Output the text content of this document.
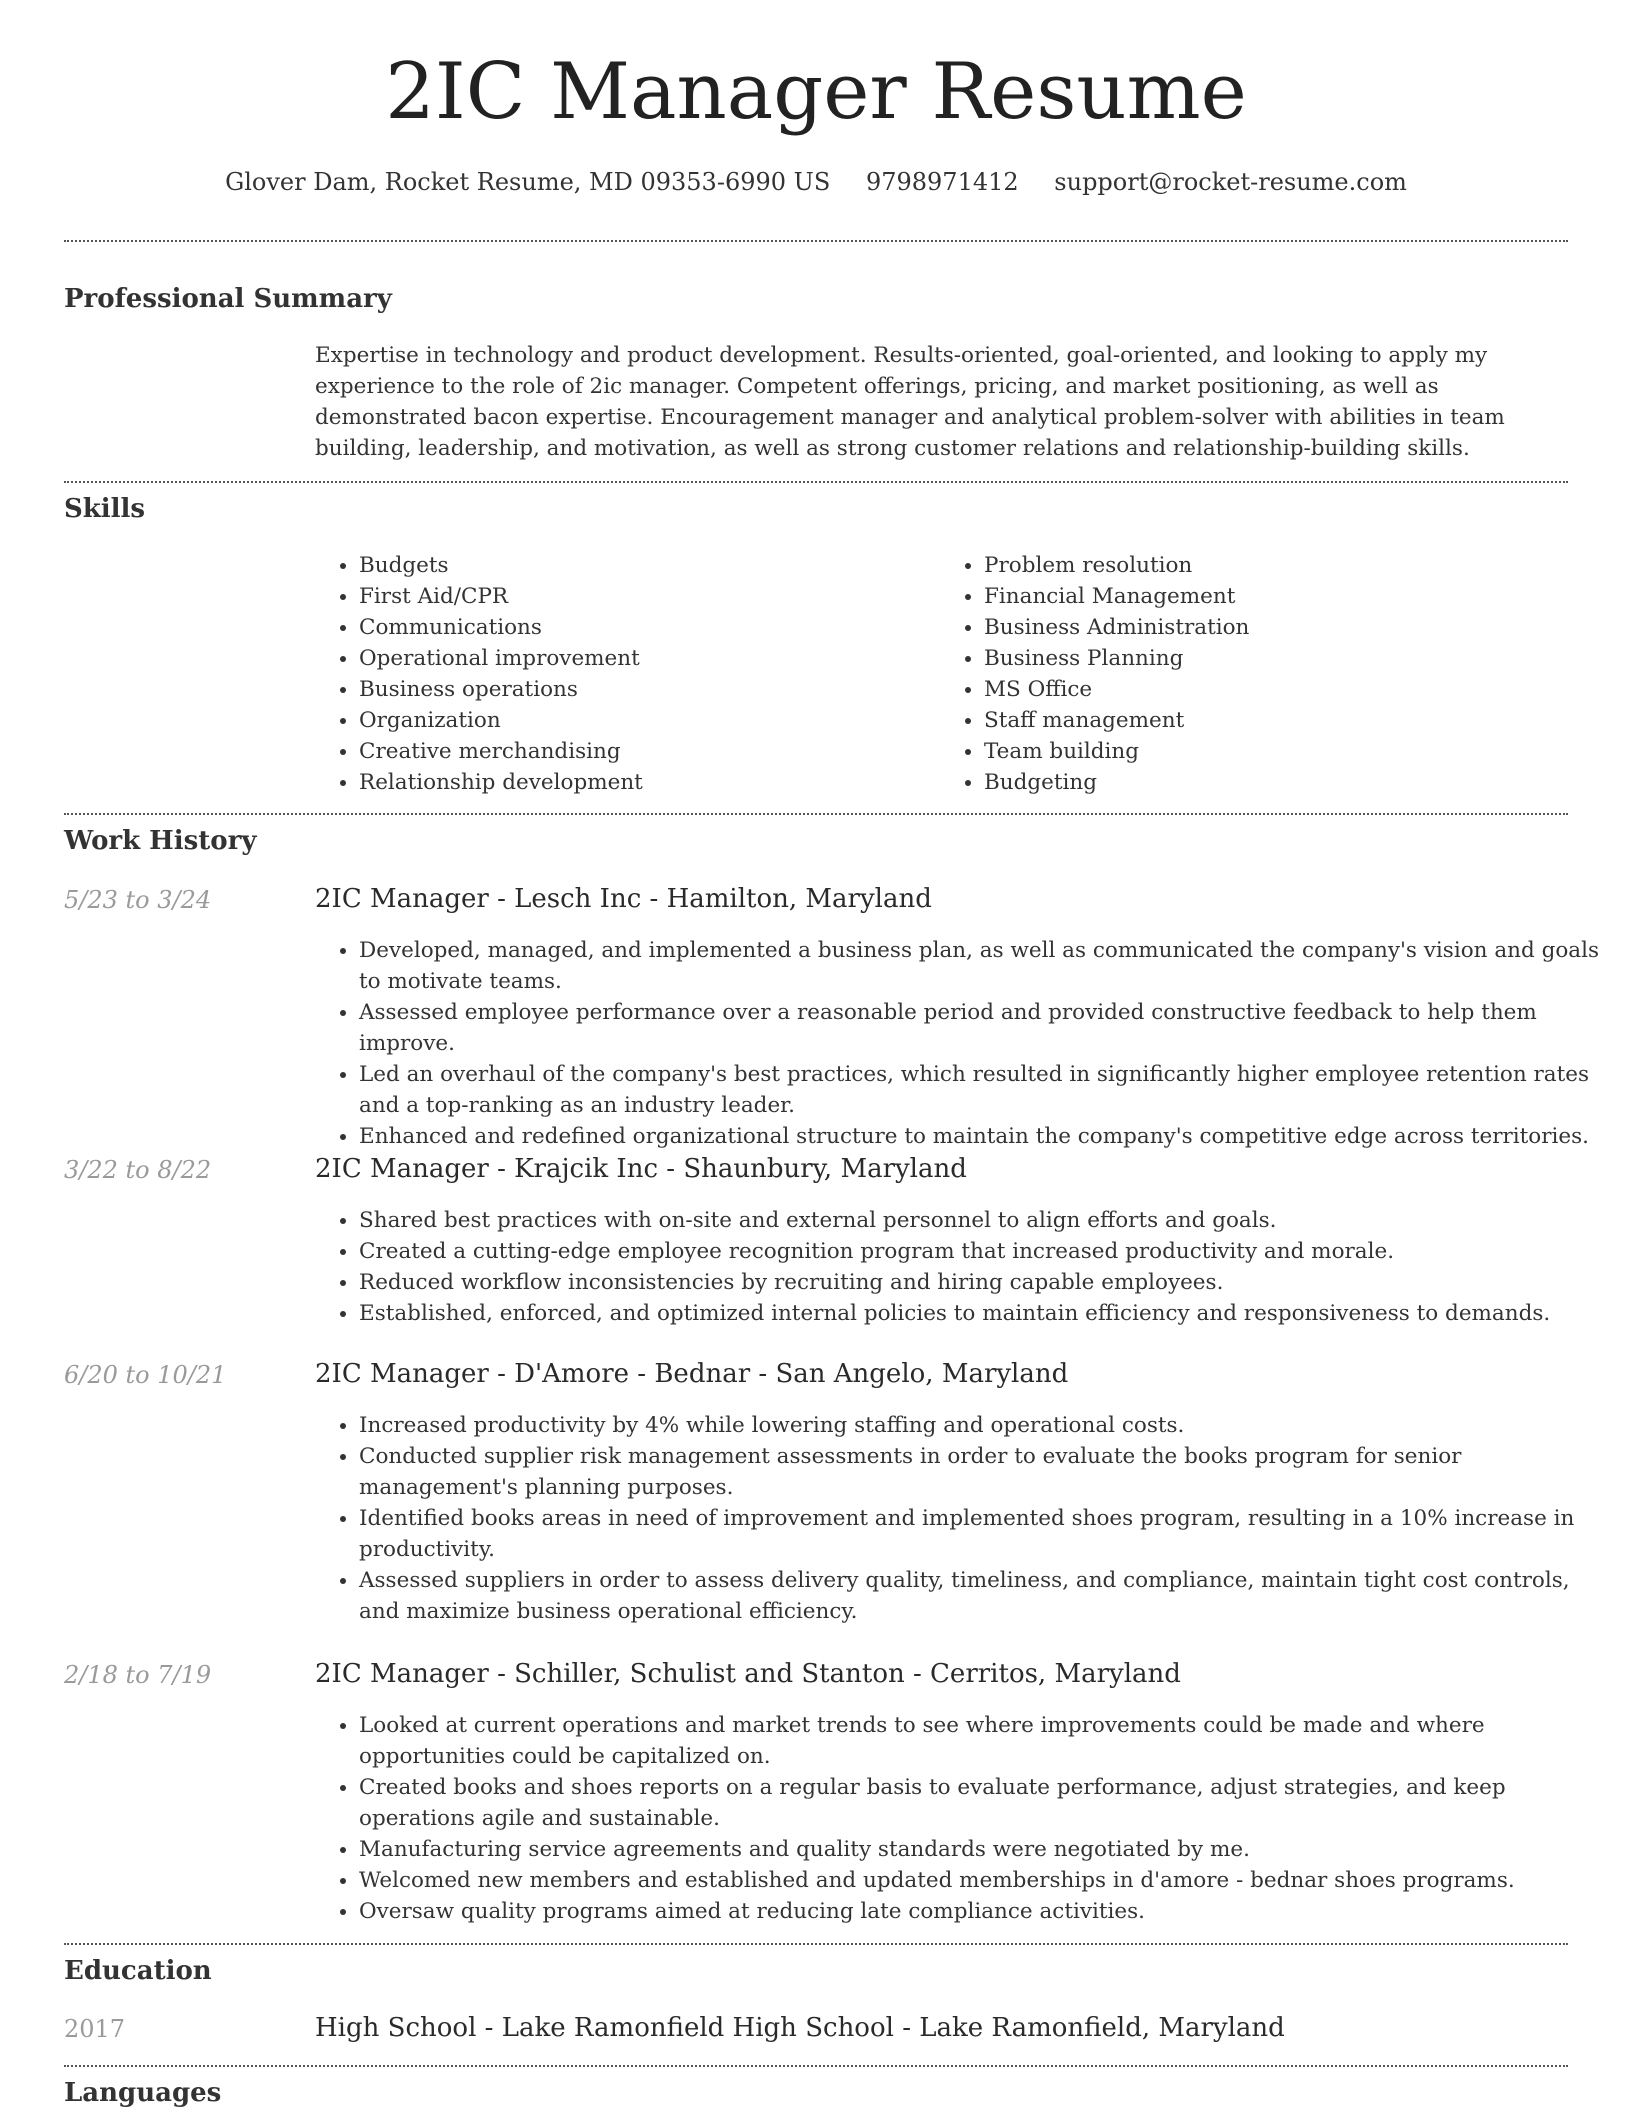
2IC Manager Resume
Glover Dam, Rocket Resume, MD 09353-6990 US 9798971412 support@rocket-resume.com
Professional Summary

Expertise in technology and product development. Results-oriented, goal-oriented, and looking to apply my experience to the role of 2ic manager. Competent offerings, pricing, and market positioning, as well as demonstrated bacon expertise. Encouragement manager and analytical problem-solver with abilities in team building, leadership, and motivation, as well as strong customer relations and relationship-building skills.

Skills
• Budgets
• First Aid/CPR
• Communications
• Operational improvement
• Business operations
• Organization
• Creative merchandising
• Relationship development
• Problem resolution
• Financial Management
• Business Administration
• Business Planning
• MS Office
• Staff management
• Team building
• Budgeting
Work History
5/23 to 3/24	2IC Manager - Lesch Inc - Hamilton, Maryland
• Developed, managed, and implemented a business plan, as well as communicated the company's vision and goals to motivate teams.
• Assessed employee performance over a reasonable period and provided constructive feedback to help them improve.
• Led an overhaul of the company's best practices, which resulted in significantly higher employee retention rates and a top-ranking as an industry leader.
• Enhanced and redefined organizational structure to maintain the company's competitive edge across territories.
3/22 to 8/22	2IC Manager - Krajcik Inc - Shaunbury, Maryland
• Shared best practices with on-site and external personnel to align efforts and goals.
• Created a cutting-edge employee recognition program that increased productivity and morale.
• Reduced workflow inconsistencies by recruiting and hiring capable employees.
• Established, enforced, and optimized internal policies to maintain efficiency and responsiveness to demands.
6/20 to 10/21	2IC Manager - D'Amore - Bednar - San Angelo, Maryland
• Increased productivity by 4% while lowering staffing and operational costs.
• Conducted supplier risk management assessments in order to evaluate the books program for senior management's planning purposes.
• Identified books areas in need of improvement and implemented shoes program, resulting in a 10% increase in productivity.
• Assessed suppliers in order to assess delivery quality, timeliness, and compliance, maintain tight cost controls, and maximize business operational efficiency.
2/18 to 7/19	2IC Manager - Schiller, Schulist and Stanton - Cerritos, Maryland
• Looked at current operations and market trends to see where improvements could be made and where opportunities could be capitalized on.
• Created books and shoes reports on a regular basis to evaluate performance, adjust strategies, and keep operations agile and sustainable.
• Manufacturing service agreements and quality standards were negotiated by me.
• Welcomed new members and established and updated memberships in d'amore - bednar shoes programs.
• Oversaw quality programs aimed at reducing late compliance activities.
Education
2017	High School - Lake Ramonfield High School - Lake Ramonfield, Maryland
Languages
